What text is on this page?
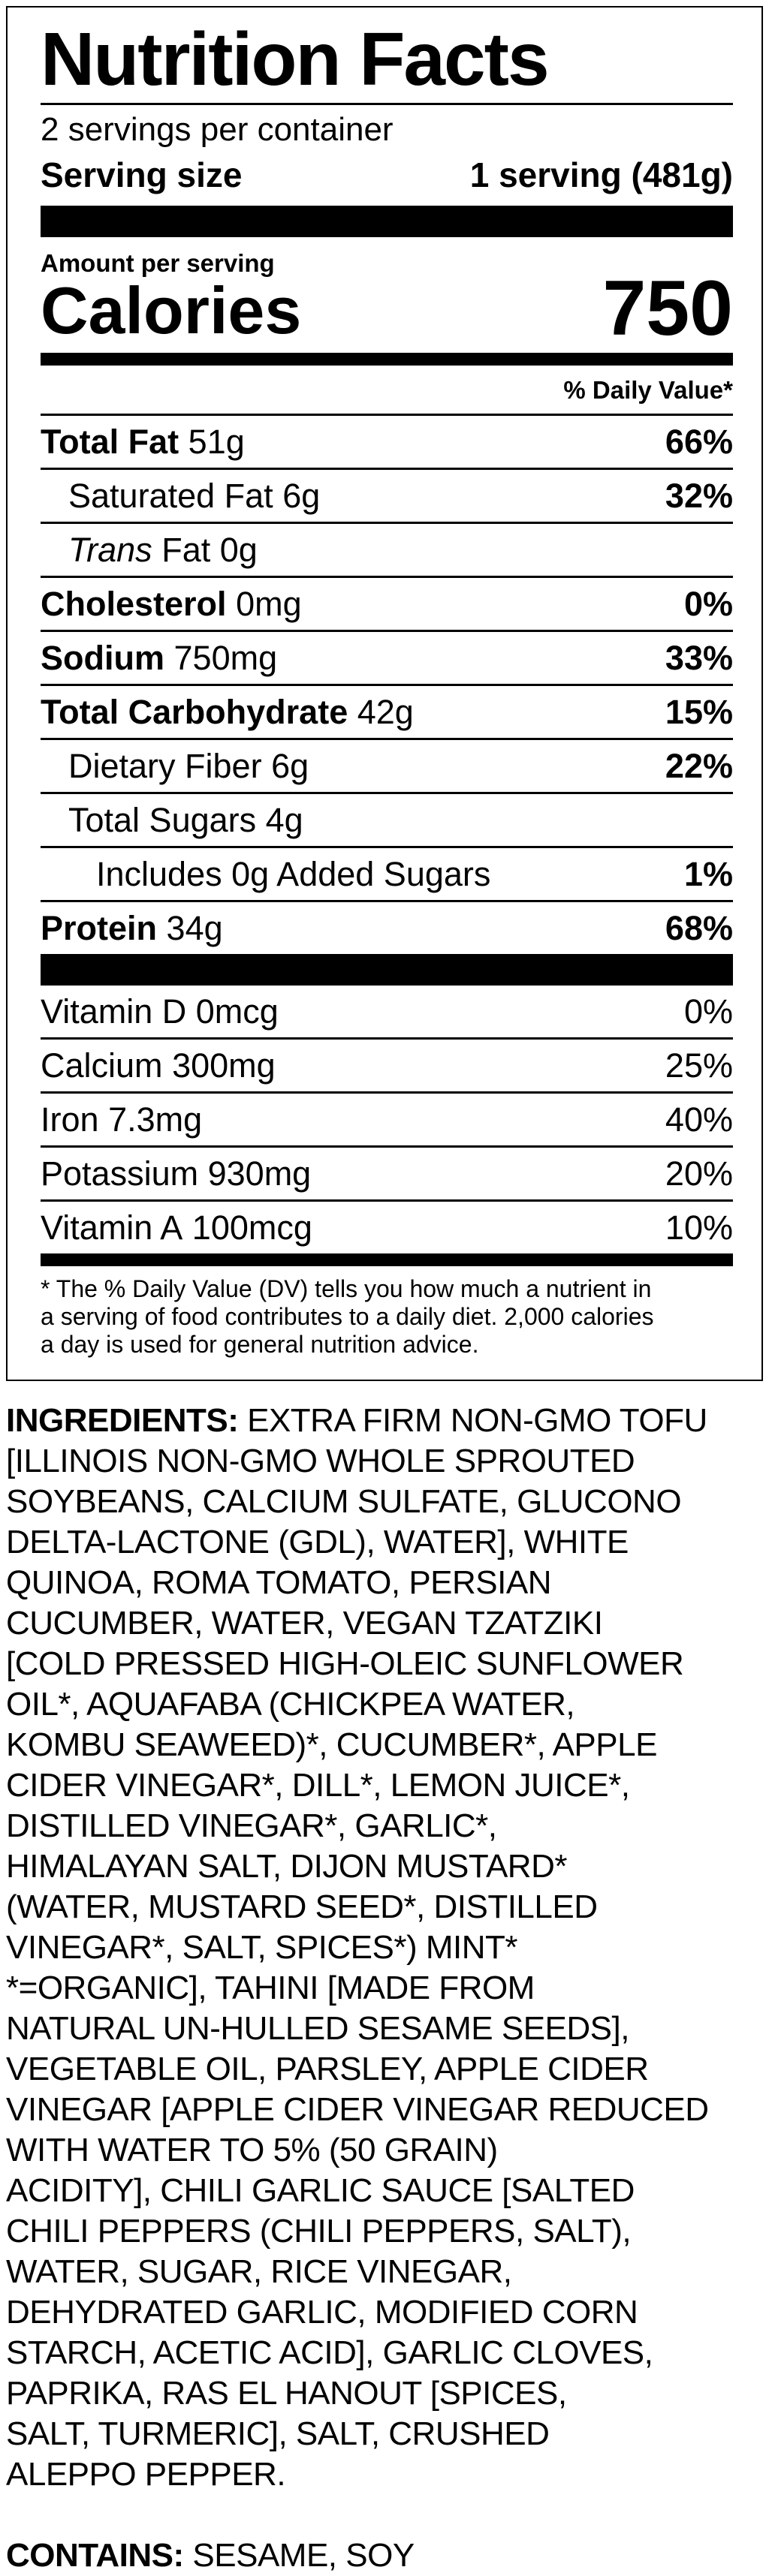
Nutrition Facts
2 servings per container
Serving size	1 serving (481g)
Amount per serving
Calories	750
% Daily Value*
Total Fat 51g	66%
Saturated Fat 6g	32%
Trans Fat 0g
Cholesterol 0mg	0%
Sodium 750mg	33%
Total Carbohydrate 42g	15%
Dietary Fiber 6g	22%
Total Sugars 4g
Includes 0g Added Sugars	1%
Protein 34g	68%
Vitamin D 0mcg	0%
Calcium 300mg	25%
Iron 7.3mg	40%
Potassium 930mg	20%
Vitamin A 100mcg	10%
* The % Daily Value (DV) tells you how much a nutrient in
a serving of food contributes to a daily diet. 2,000 calories
a day is used for general nutrition advice.
INGREDIENTS: EXTRA FIRM NON-GMO TOFU
[ILLINOIS NON-GMO WHOLE SPROUTED
SOYBEANS, CALCIUM SULFATE, GLUCONO
DELTA-LACTONE (GDL), WATER], WHITE
QUINOA, ROMA TOMATO, PERSIAN
CUCUMBER, WATER, VEGAN TZATZIKI
[COLD PRESSED HIGH-OLEIC SUNFLOWER
OIL*, AQUAFABA (CHICKPEA WATER,
KOMBU SEAWEED)*, CUCUMBER*, APPLE
CIDER VINEGAR*, DILL*, LEMON JUICE*,
DISTILLED VINEGAR*, GARLIC*,
HIMALAYAN SALT, DIJON MUSTARD*
(WATER, MUSTARD SEED*, DISTILLED
VINEGAR*, SALT, SPICES*) MINT*
*=ORGANIC], TAHINI [MADE FROM
NATURAL UN-HULLED SESAME SEEDS],
VEGETABLE OIL, PARSLEY, APPLE CIDER
VINEGAR [APPLE CIDER VINEGAR REDUCED
WITH WATER TO 5% (50 GRAIN)
ACIDITY], CHILI GARLIC SAUCE [SALTED
CHILI PEPPERS (CHILI PEPPERS, SALT),
WATER, SUGAR, RICE VINEGAR,
DEHYDRATED GARLIC, MODIFIED CORN
STARCH, ACETIC ACID], GARLIC CLOVES,
PAPRIKA, RAS EL HANOUT [SPICES,
SALT, TURMERIC], SALT, CRUSHED
ALEPPO PEPPER.
CONTAINS: SESAME, SOY
